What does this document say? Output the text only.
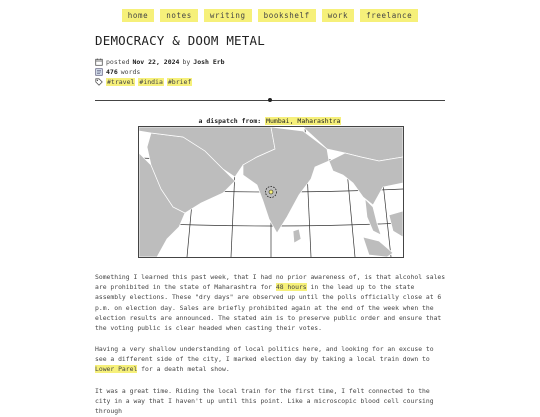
home	notes	writing	bookshelf	work	freelance
DEMOCRACY & DOOM METAL
posted Nov 22, 2024 by Josh Erb
476 words
#travel #india #brief
a dispatch from: Mumbai, Maharashtra

Something I learned this past week, that I had no prior awareness of, is that alcohol sales are prohibited in the state of Maharashtra for 48 hours in the lead up to the state assembly elections. These "dry days" are observed up until the polls officially close at 6 p.m. on election day. Sales are briefly prohibited again at the end of the week when the election results are announced. The stated aim is to preserve public order and ensure that the voting public is clear headed when casting their votes.

Having a very shallow understanding of local politics here, and looking for an excuse to see a different side of the city, I marked election day by taking a local train down to Lower Parel for a death metal show.

It was a great time. Riding the local train for the first time, I felt connected to the city in a way that I haven't up until this point. Like a microscopic blood cell coursing through
